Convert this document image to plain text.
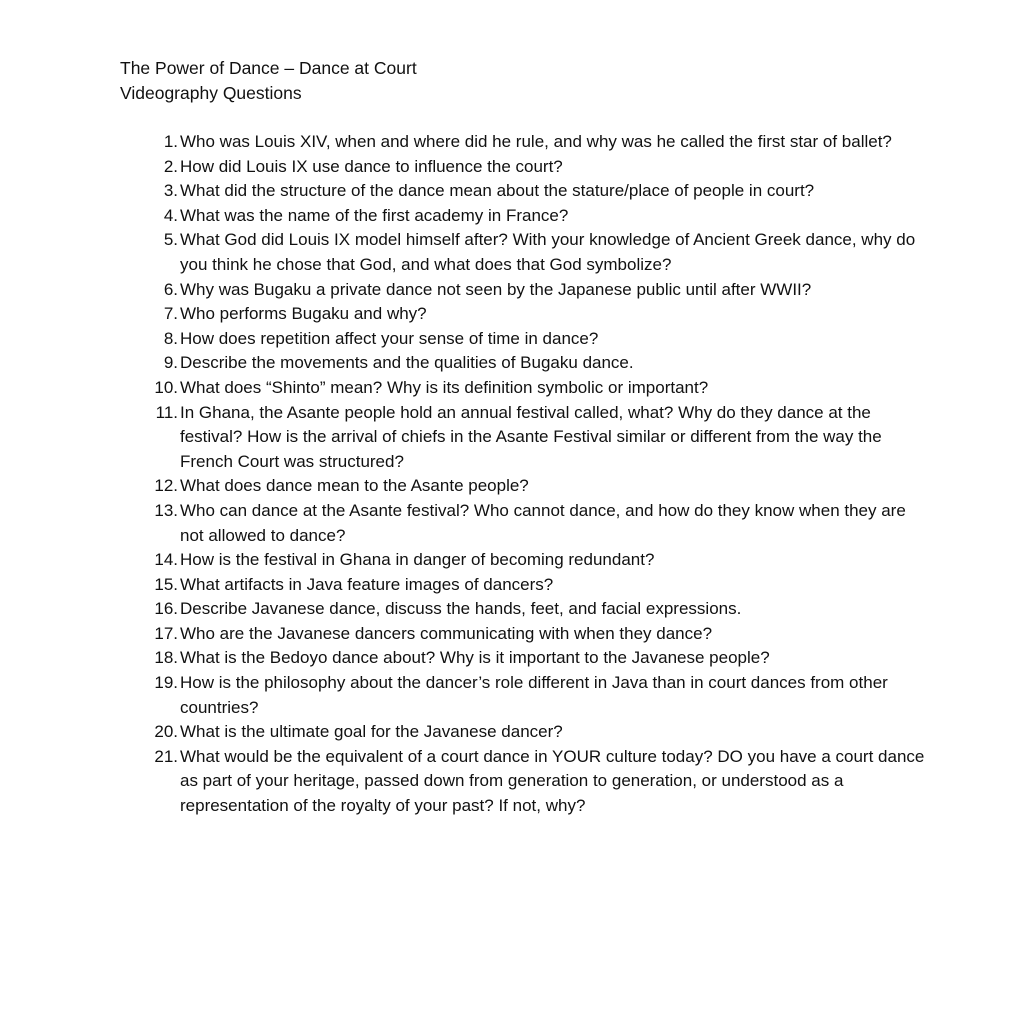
The Power of Dance – Dance at Court
Videography Questions
1. Who was Louis XIV, when and where did he rule, and why was he called the first star of ballet?
2. How did Louis IX use dance to influence the court?
3. What did the structure of the dance mean about the stature/place of people in court?
4. What was the name of the first academy in France?
5. What God did Louis IX model himself after? With your knowledge of Ancient Greek dance, why do you think he chose that God, and what does that God symbolize?
6. Why was Bugaku a private dance not seen by the Japanese public until after WWII?
7. Who performs Bugaku and why?
8. How does repetition affect your sense of time in dance?
9. Describe the movements and the qualities of Bugaku dance.
10. What does “Shinto” mean? Why is its definition symbolic or important?
11. In Ghana, the Asante people hold an annual festival called, what? Why do they dance at the festival? How is the arrival of chiefs in the Asante Festival similar or different from the way the French Court was structured?
12. What does dance mean to the Asante people?
13. Who can dance at the Asante festival? Who cannot dance, and how do they know when they are not allowed to dance?
14. How is the festival in Ghana in danger of becoming redundant?
15. What artifacts in Java feature images of dancers?
16. Describe Javanese dance, discuss the hands, feet, and facial expressions.
17. Who are the Javanese dancers communicating with when they dance?
18. What is the Bedoyo dance about? Why is it important to the Javanese people?
19. How is the philosophy about the dancer’s role different in Java than in court dances from other countries?
20. What is the ultimate goal for the Javanese dancer?
21. What would be the equivalent of a court dance in YOUR culture today? DO you have a court dance as part of your heritage, passed down from generation to generation, or understood as a representation of the royalty of your past? If not, why?
